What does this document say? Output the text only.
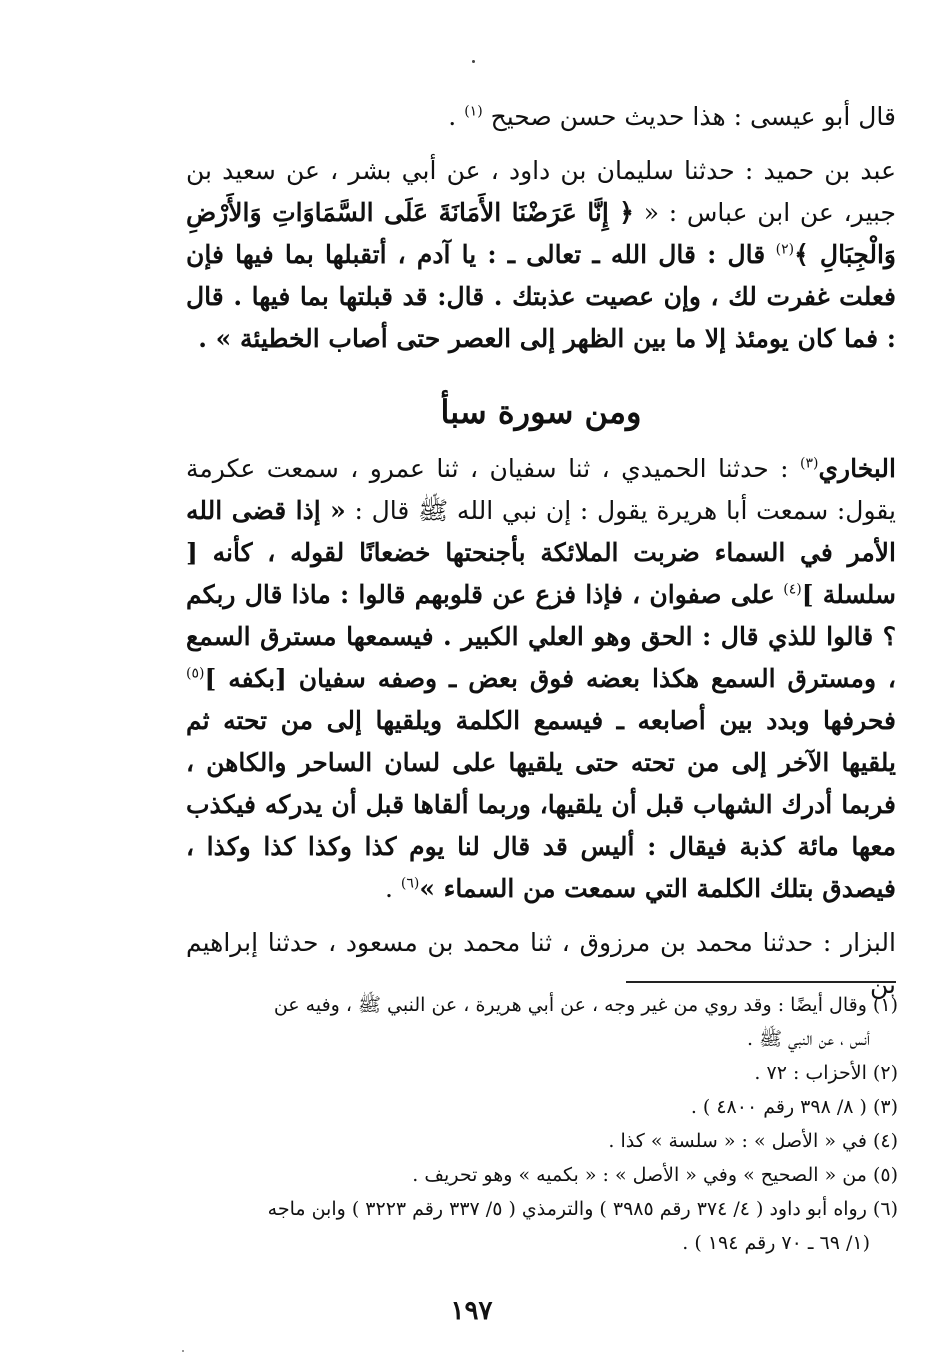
قال أبو عيسى : هذا حديث حسن صحيح $^{(١)}$ .

عبد بن حميد : حدثنا سليمان بن داود ، عن أبي بشر ، عن سعيد بن جبير، عن ابن عباس : « ﴿ إِنَّا عَرَضْنَا الأَمَانَةَ عَلَى السَّمَاوَاتِ وَالأَرْضِ وَالْجِبَالِ ﴾$^{(٢)}$ قال : قال الله ـ تعالى ـ : يا آدم ، أتقبلها بما فيها فإن فعلت غفرت لك ، وإن عصيت عذبتك . قال: قد قبلتها بما فيها . قال : فما كان يومئذ إلا ما بين الظهر إلى العصر حتى أصاب الخطيئة » .

ومن سورة سبأ

البخاري$^{(٣)}$ : حدثنا الحميدي ، ثنا سفيان ، ثنا عمرو ، سمعت عكرمة يقول: سمعت أبا هريرة يقول : إن نبي الله ﷺ قال : « إذا قضى الله الأمر في السماء ضربت الملائكة بأجنحتها خضعانًا لقوله ، كأنه [ سلسلة ]$^{(٤)}$ على صفوان ، فإذا فزع عن قلوبهم قالوا : ماذا قال ربكم ؟ قالوا للذي قال : الحق وهو العلي الكبير . فيسمعها مسترق السمع ، ومسترق السمع هكذا بعضه فوق بعض ـ وصفه سفيان [بكفه ]$^{(٥)}$ فحرفها وبدد بين أصابعه ـ فيسمع الكلمة ويلقيها إلى من تحته ثم يلقيها الآخر إلى من تحته حتى يلقيها على لسان الساحر والكاهن ، فربما أدرك الشهاب قبل أن يلقيها، وربما ألقاها قبل أن يدركه فيكذب معها مائة كذبة فيقال : أليس قد قال لنا يوم كذا وكذا كذا وكذا ، فيصدق بتلك الكلمة التي سمعت من السماء »$^{(٦)}$ .

البزار : حدثنا محمد بن مرزوق ، ثنا محمد بن مسعود ، حدثنا إبراهيم بن

(١) وقال أيضًا : وقد روي من غير وجه ، عن أبي هريرة ، عن النبي ﷺ ، وفيه عن

أنس ، عن النبي ﷺ .

(٢) الأحزاب : ٧٢ .

(٣) ( ٨/ ٣٩٨ رقم ٤٨٠٠ ) .

(٤) في « الأصل » : « سلسة » كذا .

(٥) من « الصحيح » وفي « الأصل » : « بكميه » وهو تحريف .

(٦) رواه أبو داود ( ٤/ ٣٧٤ رقم ٣٩٨٥ ) والترمذي ( ٥/ ٣٣٧ رقم ٣٢٢٣ ) وابن ماجه

(١/ ٦٩ ـ ٧٠ رقم ١٩٤ ) .

١٩٧
